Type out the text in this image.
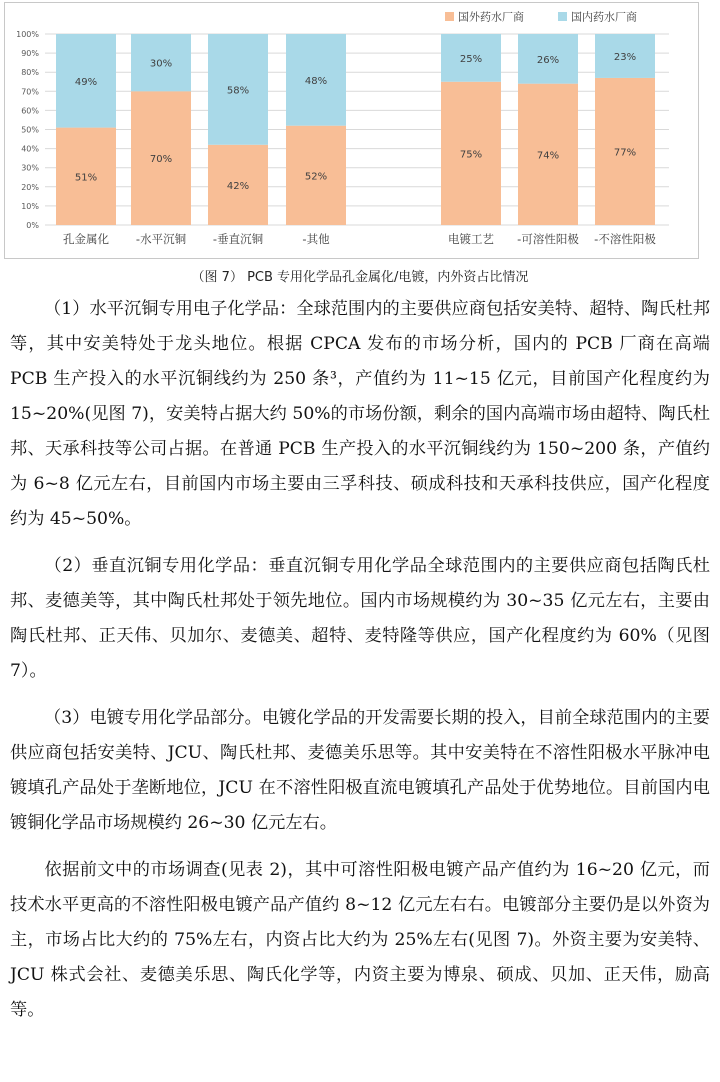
0%
10%
20%
30%
40%
50%
60%
70%
80%
90%
100%
51%
49%
孔金属化
70%
30%
-水平沉铜
42%
58%
-垂直沉铜
52%
48%
-其他
75%
25%
电镀工艺
74%
26%
-可溶性阳极
77%
23%
-不溶性阳极
国外药水厂商	国内药水厂商
（图 7） PCB 专用化学品孔金属化/电镀，内外资占比情况

（1）水平沉铜专用电子化学品：全球范围内的主要供应商包括安美特、超特、陶氏杜邦等，其中安美特处于龙头地位。根据 CPCA 发布的市场分析，国内的 PCB 厂商在高端 PCB 生产投入的水平沉铜线约为 250 条³，产值约为 11~15 亿元，目前国产化程度约为 15~20%(见图 7)，安美特占据大约 50%的市场份额，剩余的国内高端市场由超特、陶氏杜邦、天承科技等公司占据。在普通 PCB 生产投入的水平沉铜线约为 150~200 条，产值约为 6~8 亿元左右，目前国内市场主要由三孚科技、硕成科技和天承科技供应，国产化程度约为 45~50%。

（2）垂直沉铜专用化学品：垂直沉铜专用化学品全球范围内的主要供应商包括陶氏杜邦、麦德美等，其中陶氏杜邦处于领先地位。国内市场规模约为 30~35 亿元左右，主要由陶氏杜邦、正天伟、贝加尔、麦德美、超特、麦特隆等供应，国产化程度约为 60%（见图 7）。

（3）电镀专用化学品部分。电镀化学品的开发需要长期的投入，目前全球范围内的主要供应商包括安美特、JCU、陶氏杜邦、麦德美乐思等。其中安美特在不溶性阳极水平脉冲电镀填孔产品处于垄断地位，JCU 在不溶性阳极直流电镀填孔产品处于优势地位。目前国内电镀铜化学品市场规模约 26~30 亿元左右。

依据前文中的市场调查(见表 2)，其中可溶性阳极电镀产品产值约为 16~20 亿元，而技术水平更高的不溶性阳极电镀产品产值约 8~12 亿元左右右。电镀部分主要仍是以外资为主，市场占比大约的 75%左右，内资占比大约为 25%左右(见图 7)。外资主要为安美特、JCU 株式会社、麦德美乐思、陶氏化学等，内资主要为博泉、硕成、贝加、正天伟，励高等。
